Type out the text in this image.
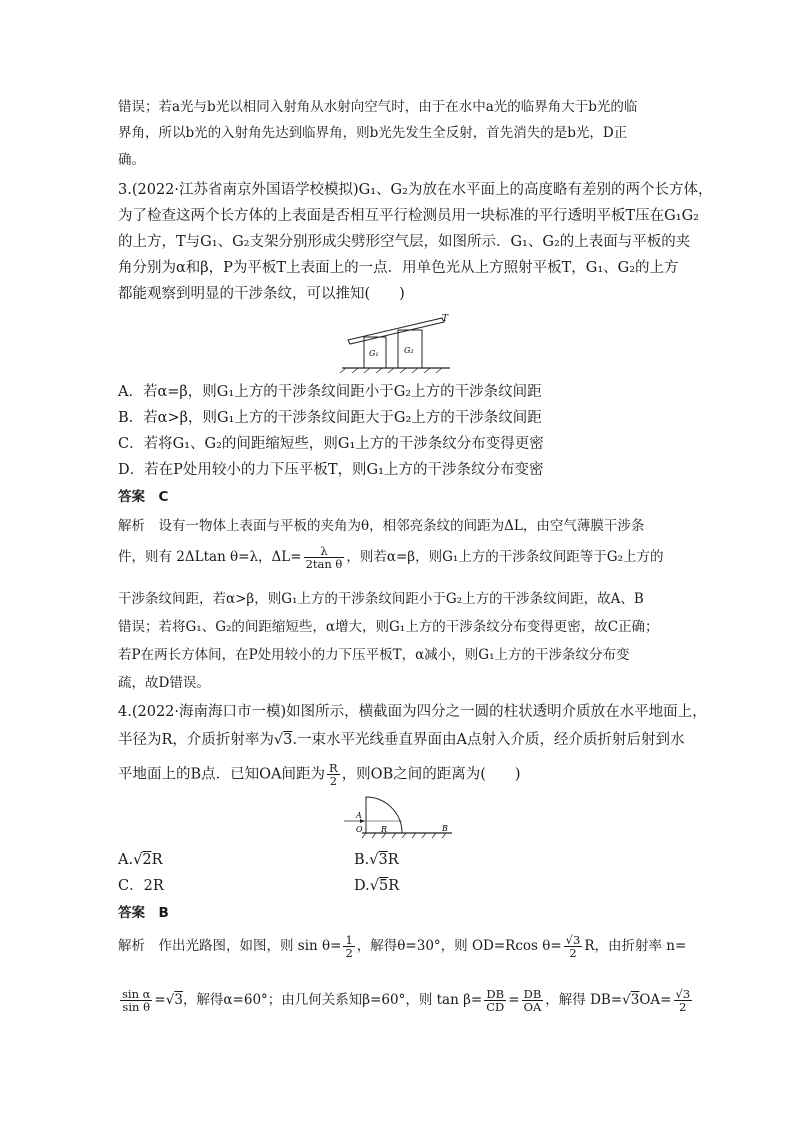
错误；若a光与b光以相同入射角从水射向空气时，由于在水中a光的临界角大于b光的临
界角，所以b光的入射角先达到临界角，则b光先发生全反射，首先消失的是b光，D正
确。
3.(2022·江苏省南京外国语学校模拟)G₁、G₂为放在水平面上的高度略有差别的两个长方体，
为了检查这两个长方体的上表面是否相互平行检测员用一块标准的平行透明平板T压在G₁G₂
的上方，T与G₁、G₂支架分别形成尖劈形空气层，如图所示．G₁、G₂的上表面与平板的夹
角分别为α和β，P为平板T上表面上的一点．用单色光从上方照射平板T，G₁、G₂的上方
都能观察到明显的干涉条纹，可以推知(　　)
T
G₁	G₂
A．若α=β，则G₁上方的干涉条纹间距小于G₂上方的干涉条纹间距
B．若α>β，则G₁上方的干涉条纹间距大于G₂上方的干涉条纹间距
C．若将G₁、G₂的间距缩短些，则G₁上方的干涉条纹分布变得更密
D．若在P处用较小的力下压平板T，则G₁上方的干涉条纹分布变密
答案　C
解析　设有一物体上表面与平板的夹角为θ，相邻亮条纹的间距为ΔL，由空气薄膜干涉条
件，则有 2ΔLtan θ=λ，$\Delta L= \frac{\lambda}{\text{2tan θ}}$ ，则若α=β，则G₁上方的干涉条纹间距等于G₂上方的
干涉条纹间距，若α>β，则G₁上方的干涉条纹间距小于G₂上方的干涉条纹间距，故A、B
错误；若将G₁、G₂的间距缩短些，α增大，则G₁上方的干涉条纹分布变得更密，故C正确；
若P在两长方体间，在P处用较小的力下压平板T，α减小，则G₁上方的干涉条纹分布变
疏，故D错误。
4.(2022·海南海口市一模)如图所示，横截面为四分之一圆的柱状透明介质放在水平地面上，
半径为R，介质折射率为√3.一束水平光线垂直界面由A点射入介质，经介质折射后射到水
平地面上的B点．已知OA间距为 $\frac{R}{2}$ ，则OB之间的距离为(　　)
A
O R	B
A.√2R	B.√3R
C．2R	D.√5R
答案　B
解析　作出光路图，如图，则 $\sin \theta= \frac{1}{2}$ ，解得θ=30°，则 OD=Rcos $\theta= \frac{√3}{2}$ R，由折射率 n=
$\frac{\text{sin α}}{\text{sin θ}} =√3$，解得α=60°；由几何关系知β=60°，则 $\tan \beta= \frac{DB}{CD} = \frac{DB}{OA}$ ，解得 $DB=√3OA= \frac{√3}{2}$
